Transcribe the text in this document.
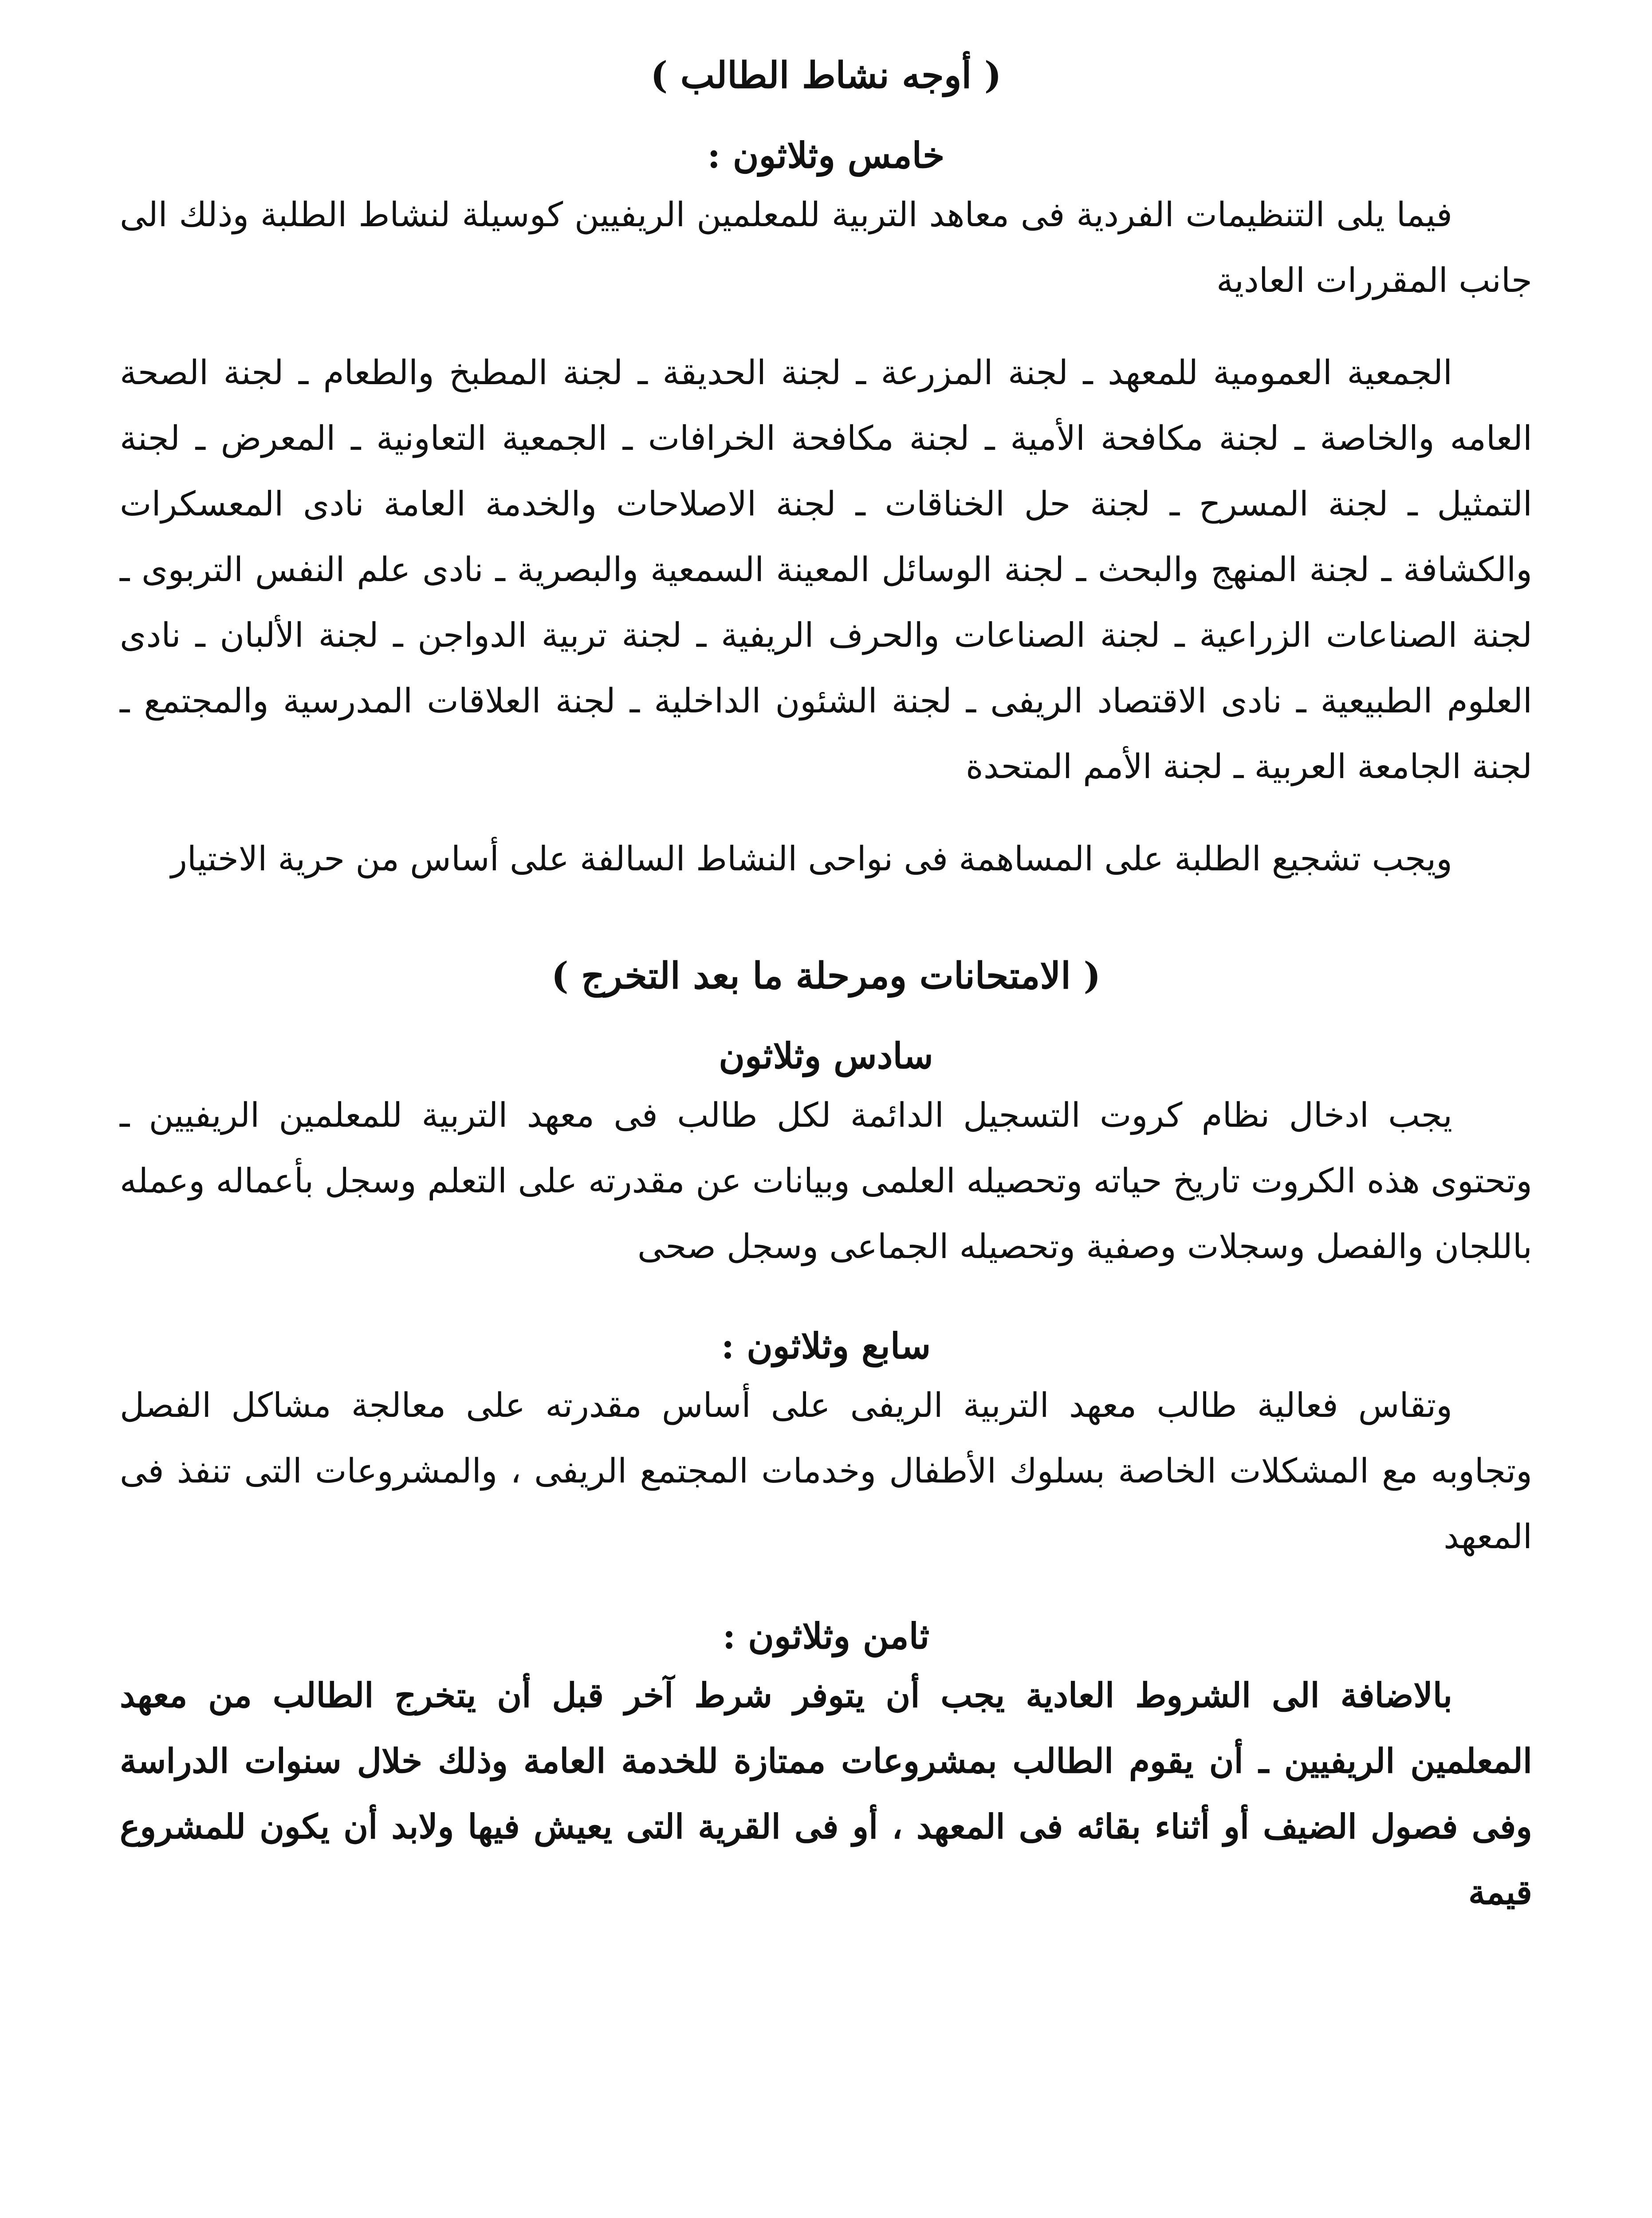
( أوجه نشاط الطالب )
خامس وثلاثون :

فيما يلى التنظيمات الفردية فى معاهد التربية للمعلمين الريفيين كوسيلة لنشاط الطلبة وذلك الى جانب المقررات العادية

الجمعية العمومية للمعهد ـ لجنة المزرعة ـ لجنة الحديقة ـ لجنة المطبخ والطعام ـ لجنة الصحة العامه والخاصة ـ لجنة مكافحة الأمية ـ لجنة مكافحة الخرافات ـ الجمعية التعاونية ـ المعرض ـ لجنة التمثيل ـ لجنة المسرح ـ لجنة حل الخناقات ـ لجنة الاصلاحات والخدمة العامة نادى المعسكرات والكشافة ـ لجنة المنهج والبحث ـ لجنة الوسائل المعينة السمعية والبصرية ـ نادى علم النفس التربوى ـ لجنة الصناعات الزراعية ـ لجنة الصناعات والحرف الريفية ـ لجنة تربية الدواجن ـ لجنة الألبان ـ نادى العلوم الطبيعية ـ نادى الاقتصاد الريفى ـ لجنة الشئون الداخلية ـ لجنة العلاقات المدرسية والمجتمع ـ لجنة الجامعة العربية ـ لجنة الأمم المتحدة

ويجب تشجيع الطلبة على المساهمة فى نواحى النشاط السالفة على أساس من حرية الاختيار

( الامتحانات ومرحلة ما بعد التخرج )
سادس وثلاثون

يجب ادخال نظام كروت التسجيل الدائمة لكل طالب فى معهد التربية للمعلمين الريفيين ـ وتحتوى هذه الكروت تاريخ حياته وتحصيله العلمى وبيانات عن مقدرته على التعلم وسجل بأعماله وعمله باللجان والفصل وسجلات وصفية وتحصيله الجماعى وسجل صحى

سابع وثلاثون :

وتقاس فعالية طالب معهد التربية الريفى على أساس مقدرته على معالجة مشاكل الفصل وتجاوبه مع المشكلات الخاصة بسلوك الأطفال وخدمات المجتمع الريفى ، والمشروعات التى تنفذ فى المعهد

ثامن وثلاثون :

بالاضافة الى الشروط العادية يجب أن يتوفر شرط آخر قبل أن يتخرج الطالب من معهد المعلمين الريفيين ـ أن يقوم الطالب بمشروعات ممتازة للخدمة العامة وذلك خلال سنوات الدراسة وفى فصول الضيف أو أثناء بقائه فى المعهد ، أو فى القرية التى يعيش فيها ولابد أن يكون للمشروع قيمة
